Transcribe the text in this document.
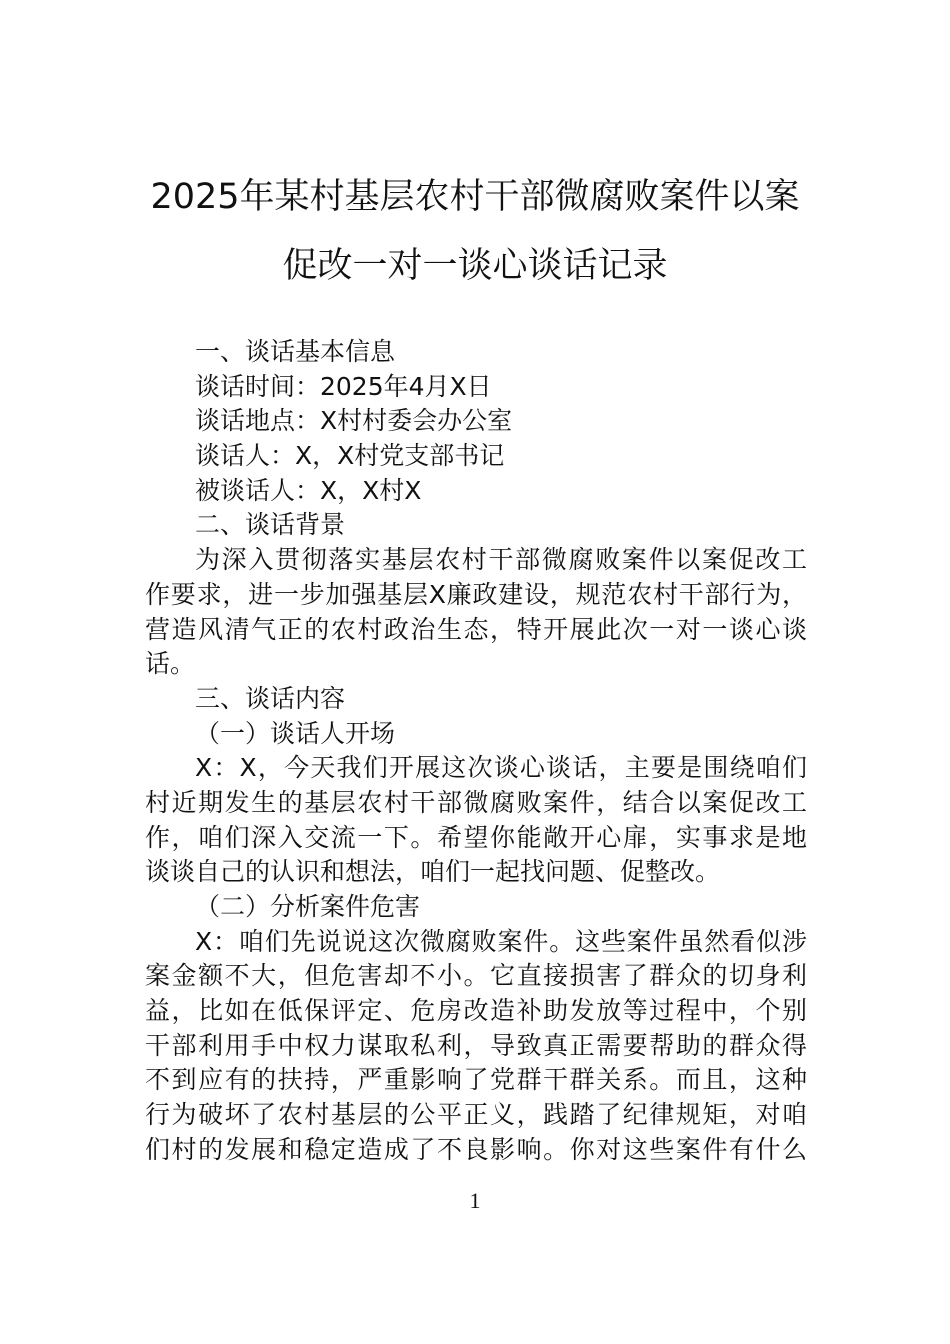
2025年某村基层农村干部微腐败案件以案
促改一对一谈心谈话记录
一、谈话基本信息
谈话时间：2025年4月X日
谈话地点：X村村委会办公室
谈话人：X，X村党支部书记
被谈话人：X，X村X
二、谈话背景
为深入贯彻落实基层农村干部微腐败案件以案促改工
作要求，进一步加强基层X廉政建设，规范农村干部行为，
营造风清气正的农村政治生态，特开展此次一对一谈心谈
话。
三、谈话内容
（一）谈话人开场
X：X，今天我们开展这次谈心谈话，主要是围绕咱们
村近期发生的基层农村干部微腐败案件，结合以案促改工
作，咱们深入交流一下。希望你能敞开心扉，实事求是地
谈谈自己的认识和想法，咱们一起找问题、促整改。
（二）分析案件危害
X：咱们先说说这次微腐败案件。这些案件虽然看似涉
案金额不大，但危害却不小。它直接损害了群众的切身利
益，比如在低保评定、危房改造补助发放等过程中，个别
干部利用手中权力谋取私利，导致真正需要帮助的群众得
不到应有的扶持，严重影响了党群干群关系。而且，这种
行为破坏了农村基层的公平正义，践踏了纪律规矩，对咱
们村的发展和稳定造成了不良影响。你对这些案件有什么
1
